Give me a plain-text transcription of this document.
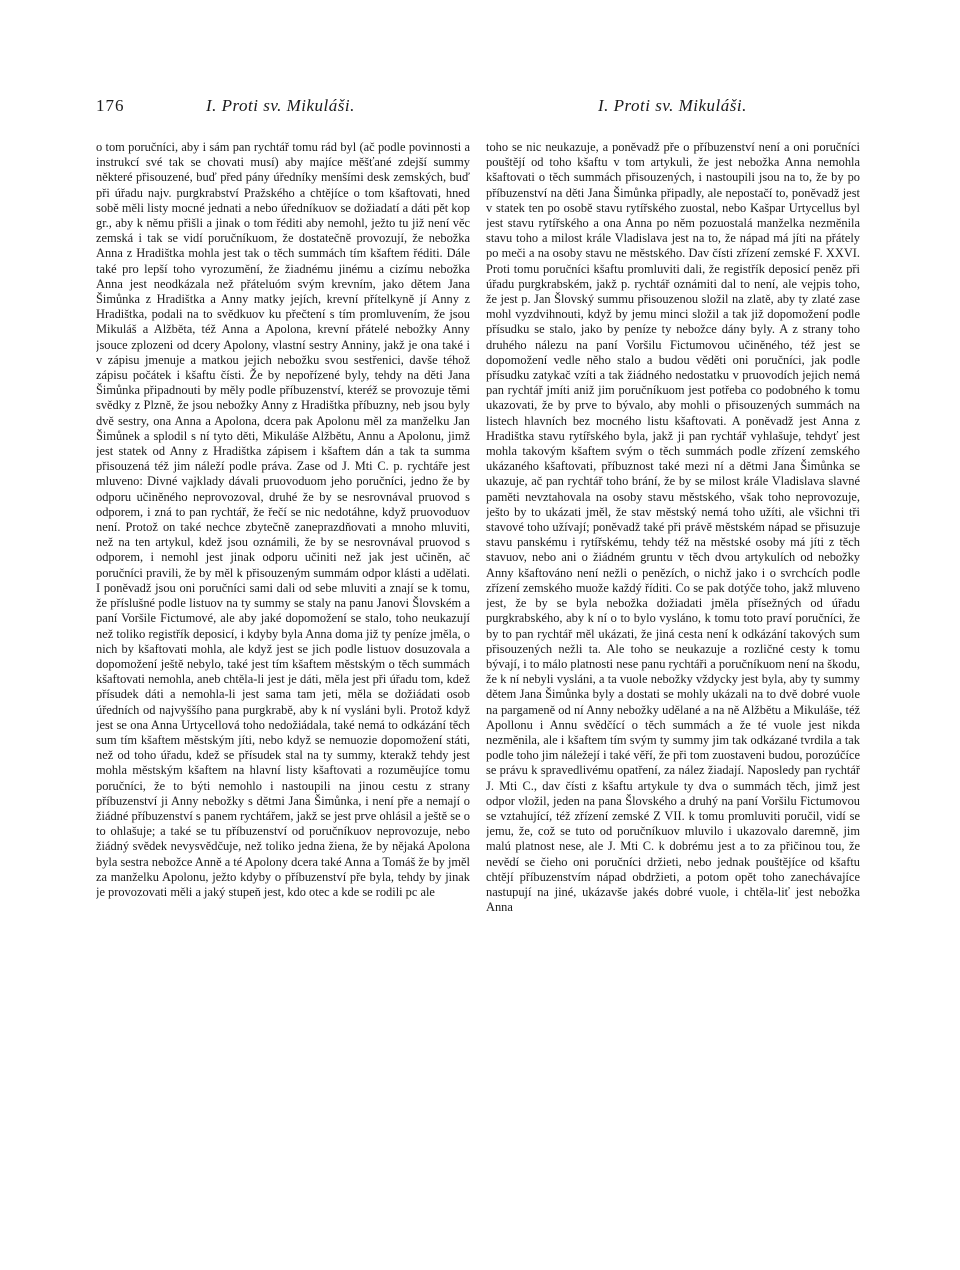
176	I. Proti sv. Mikuláši.	I. Proti sv. Mikuláši.

o tom poručníci, aby i sám pan rychtář tomu rád byl (ač podle povinnosti a instrukcí své tak se chovati musí) aby majíce měšťané zdejší summy některé přisouzené, buď před pány úředníky menšími desk zemských, buď při úřadu najv. purgkrabství Pražského a chtějíce o tom kšaftovati, hned sobě měli listy mocné jednati a nebo úředníkuov se dožiadatí a dáti pět kop gr., aby k němu přišli a jinak o tom řéditi aby nemohl, ježto tu již není věc zemská i tak se vidí poručníkuom, že dostatečně provozují, že nebožka Anna z Hradištka mohla jest tak o těch summách tím kšaftem řéditi. Dále také pro lepší toho vyrozumění, že žiadnému jinému a cizímu nebožka Anna jest neodkázala než přáteluóm svým krevním, jako dětem Jana Šimůnka z Hradištka a Anny matky jejích, krevní přítelkyně jí Anny z Hradištka, podali na to svědkuov ku přečtení s tím promluvením, že jsou Mikuláš a Alžběta, též Anna a Apolona, krevní přátelé nebožky Anny jsouce zplozeni od dcery Apolony, vlastní sestry Anniny, jakž je ona také i v zápisu jmenuje a matkou jejich nebožku svou sestřenici, davše téhož zápisu počátek i kšaftu čísti. Že by nepořízené byly, tehdy na děti Jana Šimůnka připadnouti by měly podle příbuzenství, kteréž se provozuje těmi svědky z Plzně, že jsou nebožky Anny z Hradištka příbuzny, neb jsou byly dvě sestry, ona Anna a Apolona, dcera pak Apolonu měl za manželku Jan Šimůnek a splodil s ní tyto děti, Mikuláše Alžbětu, Annu a Apolonu, jimž jest statek od Anny z Hradištka zápisem i kšaftem dán a tak ta summa přisouzená též jim náleží podle práva. Zase od J. Mti C. p. rychtáře jest mluveno: Divné vajklady dávali pruovoduom jeho poručníci, jedno že by odporu učiněného neprovozoval, druhé že by se nesrovnával pruovod s odporem, i zná to pan rychtář, že řečí se nic nedotáhne, když pruovoduov není. Protož on také nechce zbytečně zaneprazdňovati a mnoho mluviti, než na ten artykul, kdež jsou oznámili, že by se nesrovnával pruovod s odporem, i nemohl jest jinak odporu učiniti než jak jest učiněn, ač poručníci pravili, že by měl k přisouzeným summám odpor klásti a udělati. I poněvadž jsou oni poručníci sami dali od sebe mluviti a znají se k tomu, že příslušné podle listuov na ty summy se staly na panu Janovi Šlovském a paní Voršile Fictumové, ale aby jaké dopomožení se stalo, toho neukazují než toliko registřík deposicí, i kdyby byla Anna doma již ty peníze jměla, o nich by kšaftovati mohla, ale když jest se jich podle listuov dosuzovala a dopomožení ještě nebylo, také jest tím kšaftem městským o těch summách kšaftovati nemohla, aneb chtěla-li jest je dáti, měla jest při úřadu tom, kdež přísudek dáti a nemohla-li jest sama tam jeti, měla se dožiádati osob úředních od najvyššího pana purgkrabě, aby k ní vysláni byli. Protož když jest se ona Anna Urtycellová toho nedožiádala, také nemá to odkázání těch sum tím kšaftem městským jíti, nebo když se nemuozie dopomožení státi, než od toho úřadu, kdež se přísudek stal na ty summy, kterakž tehdy jest mohla městským kšaftem na hlavní listy kšaftovati a rozuměujíce tomu poručníci, že to býti nemohlo i nastoupili na jinou cestu z strany příbuzenství ji Anny nebožky s dětmi Jana Šimůnka, i není pře a nemají o žiádné příbuzenství s panem rychtářem, jakž se jest prve ohlásil a ještě se o to ohlašuje; a také se tu příbuzenství od poručníkuov neprovozuje, nebo žiádný svědek nevysvědčuje, než toliko jedna žiena, že by nějaká Apolona byla sestra nebožce Anně a té Apolony dcera také Anna a Tomáš že by jměl za manželku Apolonu, ježto kdyby o příbuzenství pře byla, tehdy by jinak je provozovati měli a jaký stupeň jest, kdo otec a kde se rodili pc ale

toho se nic neukazuje, a poněvadž pře o příbuzenství není a oni poručníci pouštějí od toho kšaftu v tom artykuli, že jest nebožka Anna nemohla kšaftovati o těch summách přisouzených, i nastoupili jsou na to, že by po příbuzenství na děti Jana Šimůnka připadly, ale nepostačí to, poněvadž jest v statek ten po osobě stavu rytířského zuostal, nebo Kašpar Urtycellus byl jest stavu rytířského a ona Anna po něm pozuostalá manželka nezměnila stavu toho a milost krále Vladislava jest na to, že nápad má jíti na přátely po meči a na osoby stavu ne městského. Dav čísti zřízení zemské F. XXVI. Proti tomu poručníci kšaftu promluviti dali, že registřík deposicí peněz při úřadu purgkrabském, jakž p. rychtář oznámiti dal to není, ale vejpis toho, že jest p. Jan Šlovský summu přisouzenou složil na zlatě, aby ty zlaté zase mohl vyzdvihnouti, když by jemu minci složil a tak již dopomožení podle přísudku se stalo, jako by peníze ty nebožce dány byly. A z strany toho druhého nálezu na paní Voršilu Fictumovou učiněného, též jest se dopomožení vedle něho stalo a budou věděti oni poručníci, jak podle přísudku zatykač vzíti a tak žiádného nedostatku v pruovodích jejich nemá pan rychtář jmíti aniž jim poručníkuom jest potřeba co podobného k tomu ukazovati, že by prve to bývalo, aby mohli o přisouzených summách na listech hlavních bez mocného listu kšaftovati. A poněvadž jest Anna z Hradištka stavu rytířského byla, jakž ji pan rychtář vyhlašuje, tehdyť jest mohla takovým kšaftem svým o těch summách podle zřízení zemského ukázaného kšaftovati, příbuznost také mezi ní a dětmi Jana Šimůnka se ukazuje, ač pan rychtář toho brání, že by se milost krále Vladislava slavné paměti nevztahovala na osoby stavu městského, však toho neprovozuje, ješto by to ukázati jměl, že stav městský nemá toho užíti, ale všichni tři stavové toho užívají; poněvadž také při právě městském nápad se přisuzuje stavu panskému i rytířskému, tehdy též na městské osoby má jíti z těch stavuov, nebo ani o žiádném gruntu v těch dvou artykulích od nebožky Anny kšaftováno není nežli o penězích, o nichž jako i o svrchcích podle zřízení zemského muože každý říditi. Co se pak dotýče toho, jakž mluveno jest, že by se byla nebožka dožiadati jměla přísežných od úřadu purgkrabského, aby k ní o to bylo vysláno, k tomu toto praví poručníci, že by to pan rychtář měl ukázati, že jiná cesta není k odkázání takových sum přisouzených nežli ta. Ale toho se neukazuje a rozličné cesty k tomu bývají, i to málo platnosti nese panu rychtáři a poručníkuom není na škodu, že k ní nebyli vysláni, a ta vuole nebožky vždycky jest byla, aby ty summy dětem Jana Šimůnka byly a dostati se mohly ukázali na to dvě dobré vuole na pargameně od ní Anny nebožky udělané a na ně Alžbětu a Mikuláše, též Apollonu i Annu svědčící o těch summách a že té vuole jest nikda nezměnila, ale i kšaftem tím svým ty summy jim tak odkázané tvrdila a tak podle toho jim náležejí i také věří, že při tom zuostaveni budou, porozúčíce se právu k spravedlivému opatření, za nález žiadají. Naposledy pan rychtář J. Mti C., dav čísti z kšaftu artykule ty dva o summách těch, jimž jest odpor vložil, jeden na pana Šlovského a druhý na paní Voršilu Fictumovou se vztahující, též zřízení zemské Z VII. k tomu promluviti poručil, vidí se jemu, že, což se tuto od poručníkuov mluvilo i ukazovalo daremně, jim malú platnost nese, ale J. Mti C. k dobrému jest a to za přičinou tou, že nevědí se čieho oni poručníci držieti, nebo jednak pouštějíce od kšaftu chtějí příbuzenstvím nápad obdržieti, a potom opět toho zanechávajíce nastupují na jiné, ukázavše jakés dobré vuole, i chtěla-liť jest nebožka Anna
